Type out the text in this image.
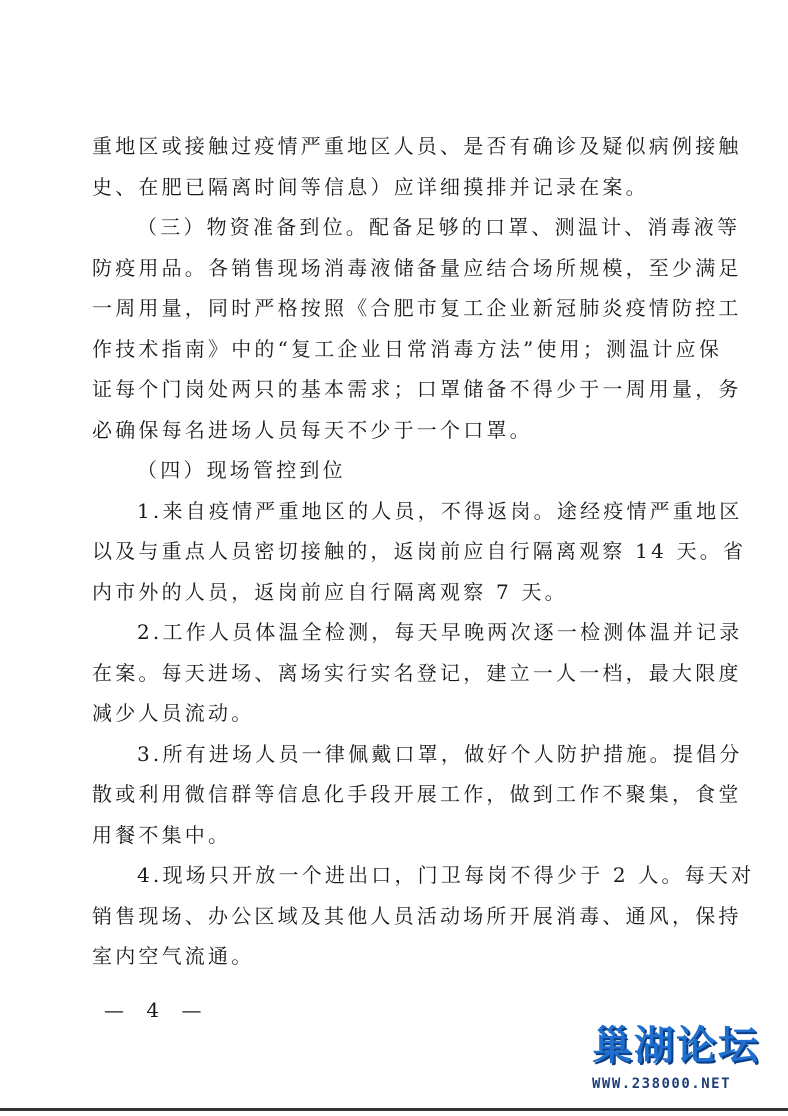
重地区或接触过疫情严重地区人员、是否有确诊及疑似病例接触
史、在肥已隔离时间等信息）应详细摸排并记录在案。
（三）物资准备到位。配备足够的口罩、测温计、消毒液等
防疫用品。各销售现场消毒液储备量应结合场所规模，至少满足
一周用量，同时严格按照《合肥市复工企业新冠肺炎疫情防控工
作技术指南》中的“复工企业日常消毒方法”使用；测温计应保
证每个门岗处两只的基本需求；口罩储备不得少于一周用量，务
必确保每名进场人员每天不少于一个口罩。
（四）现场管控到位
1.来自疫情严重地区的人员，不得返岗。途经疫情严重地区
以及与重点人员密切接触的，返岗前应自行隔离观察 14 天。省
内市外的人员，返岗前应自行隔离观察 7 天。
2.工作人员体温全检测，每天早晚两次逐一检测体温并记录
在案。每天进场、离场实行实名登记，建立一人一档，最大限度
减少人员流动。
3.所有进场人员一律佩戴口罩，做好个人防护措施。提倡分
散或利用微信群等信息化手段开展工作，做到工作不聚集，食堂
用餐不集中。
4.现场只开放一个进出口，门卫每岗不得少于 2 人。每天对
销售现场、办公区域及其他人员活动场所开展消毒、通风，保持
室内空气流通。
— 4 —
巢湖论坛
WWW.238000.NET
